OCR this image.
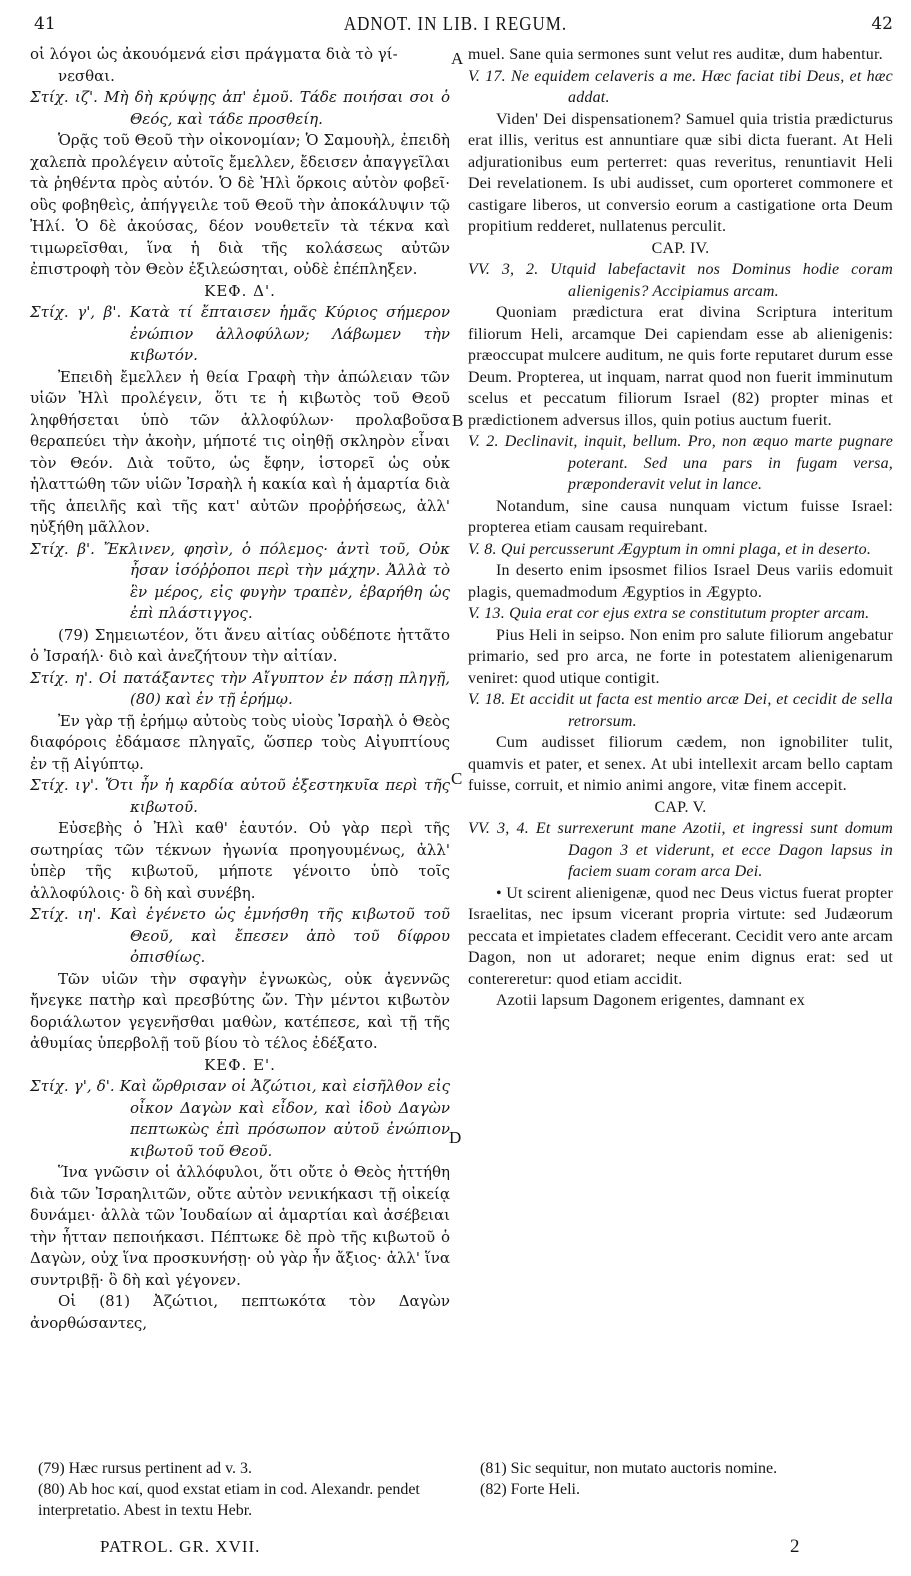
41	ADNOT. IN LIB. I REGUM.	42

οἱ λόγοι ὡς ἀκουόμενά εἰσι πράγματα διὰ τὸ γί-

νεσθαι.

Στίχ. ιζ'. Μὴ δὴ κρύψῃς ἀπ' ἐμοῦ. Τάδε ποιήσαι σοι ὁ Θεός, καὶ τάδε προσθείη.

Ὁρᾷς τοῦ Θεοῦ τὴν οἰκονομίαν; Ὁ Σαμουὴλ, ἐπειδὴ χαλεπὰ προλέγειν αὐτοῖς ἔμελλεν, ἔδεισεν ἀπαγγεῖλαι τὰ ῥηθέντα πρὸς αὐτόν. Ὁ δὲ Ἠλὶ ὅρκοις αὐτὸν φοβεῖ· οὓς φοβηθεὶς, ἀπήγγειλε τοῦ Θεοῦ τὴν ἀποκάλυψιν τῷ Ἠλί. Ὁ δὲ ἀκούσας, δέον νουθετεῖν τὰ τέκνα καὶ τιμωρεῖσθαι, ἵνα ἡ διὰ τῆς κολάσεως αὐτῶν ἐπιστροφὴ τὸν Θεὸν ἐξιλεώσηται, οὐδὲ ἐπέπληξεν.

ΚΕΦ. Δ'.

Στίχ. γ', β'. Κατὰ τί ἔπταισεν ἡμᾶς Κύριος σήμερον ἐνώπιον ἀλλοφύλων; Λάβωμεν τὴν κιβωτόν.

Ἐπειδὴ ἔμελλεν ἡ θεία Γραφὴ τὴν ἀπώλειαν τῶν υἱῶν Ἠλὶ προλέγειν, ὅτι τε ἡ κιβωτὸς τοῦ Θεοῦ ληφθήσεται ὑπὸ τῶν ἀλλοφύλων· προλαβοῦσα θεραπεύει τὴν ἀκοὴν, μήποτέ τις οἰηθῇ σκληρὸν εἶναι τὸν Θεόν. Διὰ τοῦτο, ὡς ἔφην, ἱστορεῖ ὡς οὐκ ἠλαττώθη τῶν υἱῶν Ἰσραὴλ ἡ κακία καὶ ἡ ἁμαρτία διὰ τῆς ἀπειλῆς καὶ τῆς κατ' αὐτῶν προῤῥήσεως, ἀλλ' ηὐξήθη μᾶλλον.

Στίχ. β'. Ἔκλινεν, φησὶν, ὁ πόλεμος· ἀντὶ τοῦ, Οὐκ ἦσαν ἰσόῤῥοποι περὶ τὴν μάχην. Ἀλλὰ τὸ ἓν μέρος, εἰς φυγὴν τραπὲν, ἐβαρήθη ὡς ἐπὶ πλάστιγγος.

(79) Σημειωτέον, ὅτι ἄνευ αἰτίας οὐδέποτε ἡττᾶτο ὁ Ἰσραήλ· διὸ καὶ ἀνεζήτουν τὴν αἰτίαν.

Στίχ. η'. Οἱ πατάξαντες τὴν Αἴγυπτον ἐν πάσῃ πληγῇ, (80) καὶ ἐν τῇ ἐρήμῳ.

Ἐν γὰρ τῇ ἐρήμῳ αὐτοὺς τοὺς υἱοὺς Ἰσραὴλ ὁ Θεὸς διαφόροις ἐδάμασε πληγαῖς, ὥσπερ τοὺς Αἰγυπτίους ἐν τῇ Αἰγύπτῳ.

Στίχ. ιγ'. Ὅτι ἦν ἡ καρδία αὐτοῦ ἐξεστηκυῖα περὶ τῆς κιβωτοῦ.

Εὐσεβὴς ὁ Ἠλὶ καθ' ἑαυτόν. Οὐ γὰρ περὶ τῆς σωτηρίας τῶν τέκνων ἠγωνία προηγουμένως, ἀλλ' ὑπὲρ τῆς κιβωτοῦ, μήποτε γένοιτο ὑπὸ τοῖς ἀλλοφύλοις· ὃ δὴ καὶ συνέβη.

Στίχ. ιη'. Καὶ ἐγένετο ὡς ἐμνήσθη τῆς κιβωτοῦ τοῦ Θεοῦ, καὶ ἔπεσεν ἀπὸ τοῦ δίφρου ὀπισθίως.

Τῶν υἱῶν τὴν σφαγὴν ἐγνωκὼς, οὐκ ἀγεννῶς ἤνεγκε πατὴρ καὶ πρεσβύτης ὤν. Τὴν μέντοι κιβωτὸν δοριάλωτον γεγενῆσθαι μαθὼν, κατέπεσε, καὶ τῇ τῆς ἀθυμίας ὑπερβολῇ τοῦ βίου τὸ τέλος ἐδέξατο.

ΚΕΦ. Ε'.

Στίχ. γ', δ'. Καὶ ὤρθρισαν οἱ Ἀζώτιοι, καὶ εἰσῆλθον εἰς οἶκον Δαγὼν καὶ εἶδον, καὶ ἰδοὺ Δαγὼν πεπτωκὼς ἐπὶ πρόσωπον αὐτοῦ ἐνώπιον κιβωτοῦ τοῦ Θεοῦ.

Ἵνα γνῶσιν οἱ ἀλλόφυλοι, ὅτι οὔτε ὁ Θεὸς ἡττήθη διὰ τῶν Ἰσραηλιτῶν, οὔτε αὐτὸν νενικήκασι τῇ οἰκείᾳ δυνάμει· ἀλλὰ τῶν Ἰουδαίων αἱ ἁμαρτίαι καὶ ἀσέβειαι τὴν ἧτταν πεποιήκασι. Πέπτωκε δὲ πρὸ τῆς κιβωτοῦ ὁ Δαγὼν, οὐχ ἵνα προσκυνήσῃ· οὐ γὰρ ἦν ἄξιος· ἀλλ' ἵνα συντριβῇ· ὃ δὴ καὶ γέγονεν.

Οἱ (81) Ἀζώτιοι, πεπτωκότα τὸν Δαγὼν ἀνορθώσαντες,

muel. Sane quia sermones sunt velut res auditæ, dum habentur.

V. 17. Ne equidem celaveris a me. Hæc faciat tibi Deus, et hæc addat.

Viden' Dei dispensationem? Samuel quia tristia prædicturus erat illis, veritus est annuntiare quæ sibi dicta fuerant. At Heli adjurationibus eum perterret: quas reveritus, renuntiavit Heli Dei revelationem. Is ubi audisset, cum oporteret commonere et castigare liberos, ut conversio eorum a castigatione orta Deum propitium redderet, nullatenus perculit.

CAP. IV.

VV. 3, 2. Utquid labefactavit nos Dominus hodie coram alienigenis? Accipiamus arcam.

Quoniam prædictura erat divina Scriptura interitum filiorum Heli, arcamque Dei capiendam esse ab alienigenis: præoccupat mulcere auditum, ne quis forte reputaret durum esse Deum. Propterea, ut inquam, narrat quod non fuerit imminutum scelus et peccatum filiorum Israel (82) propter minas et prædictionem adversus illos, quin potius auctum fuerit.

V. 2. Declinavit, inquit, bellum. Pro, non æquo marte pugnare poterant. Sed una pars in fugam versa, præponderavit velut in lance.

Notandum, sine causa nunquam victum fuisse Israel: propterea etiam causam requirebant.

V. 8. Qui percusserunt Ægyptum in omni plaga, et in deserto.

In deserto enim ipsosmet filios Israel Deus variis edomuit plagis, quemadmodum Ægyptios in Ægypto.

V. 13. Quia erat cor ejus extra se constitutum propter arcam.

Pius Heli in seipso. Non enim pro salute filiorum angebatur primario, sed pro arca, ne forte in potestatem alienigenarum veniret: quod utique contigit.

V. 18. Et accidit ut facta est mentio arcæ Dei, et cecidit de sella retrorsum.

Cum audisset filiorum cædem, non ignobiliter tulit, quamvis et pater, et senex. At ubi intellexit arcam bello captam fuisse, corruit, et nimio animi angore, vitæ finem accepit.

CAP. V.

VV. 3, 4. Et surrexerunt mane Azotii, et ingressi sunt domum Dagon 3 et viderunt, et ecce Dagon lapsus in faciem suam coram arca Dei.

• Ut scirent alienigenæ, quod nec Deus victus fuerat propter Israelitas, nec ipsum vicerant propria virtute: sed Judæorum peccata et impietates cladem effecerant. Cecidit vero ante arcam Dagon, non ut adoraret; neque enim dignus erat: sed ut contereretur: quod etiam accidit.

Azotii lapsum Dagonem erigentes, damnant ex

A
B
C
D
(79) Hæc rursus pertinent ad v. 3.
(80) Ab hoc καί, quod exstat etiam in cod. Alexandr. pendet interpretatio. Abest in textu Hebr.
(81) Sic sequitur, non mutato auctoris nomine.
(82) Forte Heli.
PATROL. GR. XVII.	2
